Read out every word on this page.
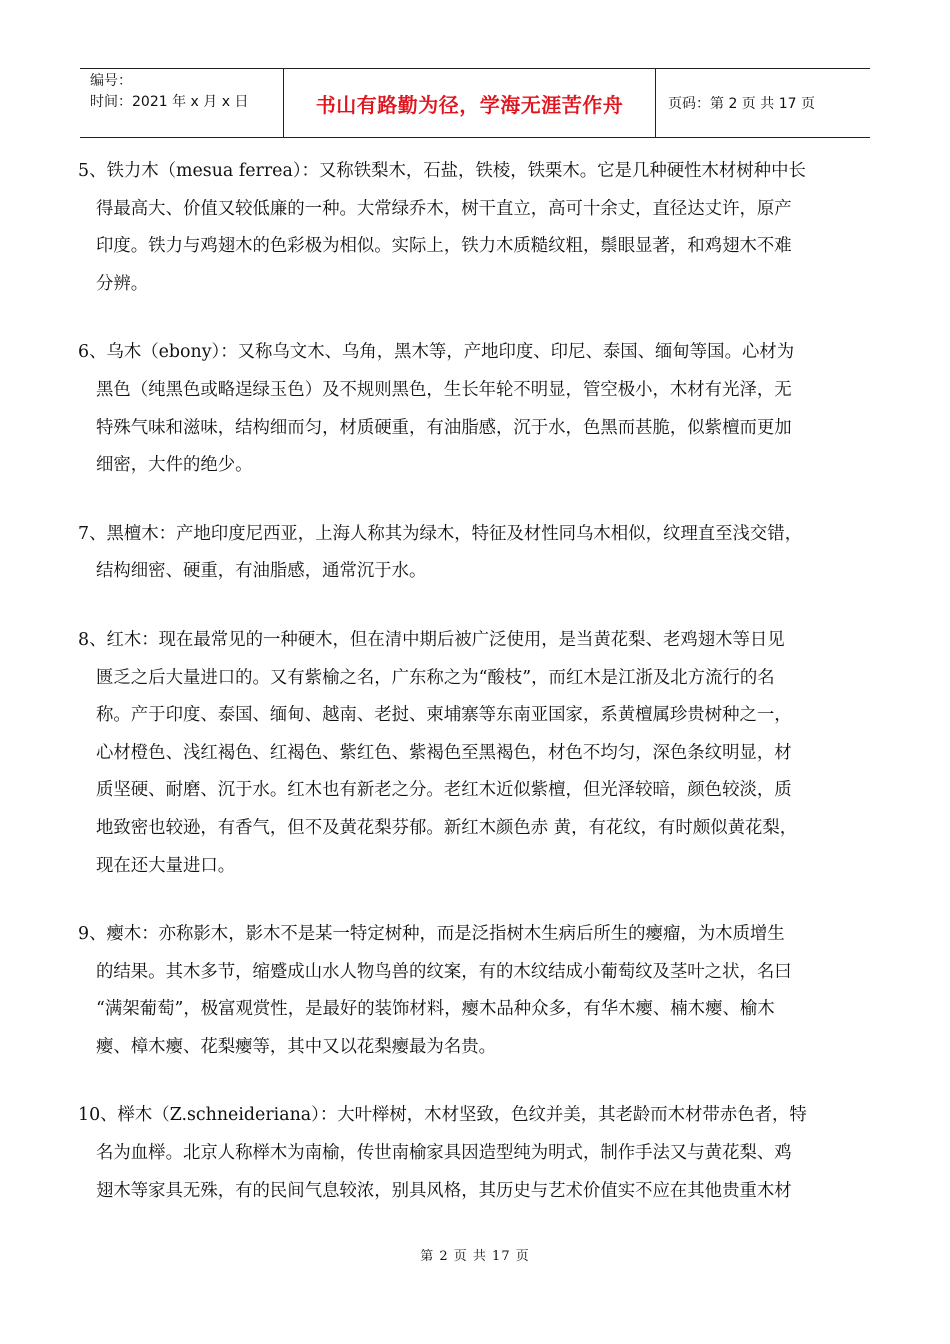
编号：
时间：2021 年 x 月 x 日	书山有路勤为径，学海无涯苦作舟	页码：第 2 页 共 17 页
5、铁力木（mesua ferrea）：又称铁梨木，石盐，铁棱，铁栗木。它是几种硬性木材树种中长
得最高大、价值又较低廉的一种。大常绿乔木，树干直立，高可十余丈，直径达丈许，原产
印度。铁力与鸡翅木的色彩极为相似。实际上，铁力木质糙纹粗，鬃眼显著，和鸡翅木不难
分辨。
6、乌木（ebony）：又称乌文木、乌角，黑木等，产地印度、印尼、泰国、缅甸等国。心材为
黑色（纯黑色或略逞绿玉色）及不规则黑色，生长年轮不明显，管空极小，木材有光泽，无
特殊气味和滋味，结构细而匀，材质硬重，有油脂感，沉于水，色黑而甚脆，似紫檀而更加
细密，大件的绝少。
7、黑檀木：产地印度尼西亚，上海人称其为绿木，特征及材性同乌木相似，纹理直至浅交错，
结构细密、硬重，有油脂感，通常沉于水。
8、红木：现在最常见的一种硬木，但在清中期后被广泛使用，是当黄花梨、老鸡翅木等日见
匮乏之后大量进口的。又有紫榆之名，广东称之为“酸枝”，而红木是江浙及北方流行的名
称。产于印度、泰国、缅甸、越南、老挝、柬埔寨等东南亚国家，系黄檀属珍贵树种之一，
心材橙色、浅红褐色、红褐色、紫红色、紫褐色至黑褐色，材色不均匀，深色条纹明显，材
质坚硬、耐磨、沉于水。红木也有新老之分。老红木近似紫檀，但光泽较暗，颜色较淡，质
地致密也较逊，有香气，但不及黄花梨芬郁。新红木颜色赤 黄，有花纹，有时颇似黄花梨，
现在还大量进口。
9、瘿木：亦称影木，影木不是某一特定树种，而是泛指树木生病后所生的瘿瘤，为木质增生
的结果。其木多节，缩蹙成山水人物鸟兽的纹案，有的木纹结成小葡萄纹及茎叶之状，名曰
“满架葡萄”，极富观赏性，是最好的装饰材料，瘿木品种众多，有华木瘿、楠木瘿、榆木
瘿、樟木瘿、花梨瘿等，其中又以花梨瘿最为名贵。
10、榉木（Z.schneideriana）：大叶榉树，木材坚致，色纹并美，其老龄而木材带赤色者，特
名为血榉。北京人称榉木为南榆，传世南榆家具因造型纯为明式，制作手法又与黄花梨、鸡
翅木等家具无殊，有的民间气息较浓，别具风格，其历史与艺术价值实不应在其他贵重木材
第 2 页 共 17 页
